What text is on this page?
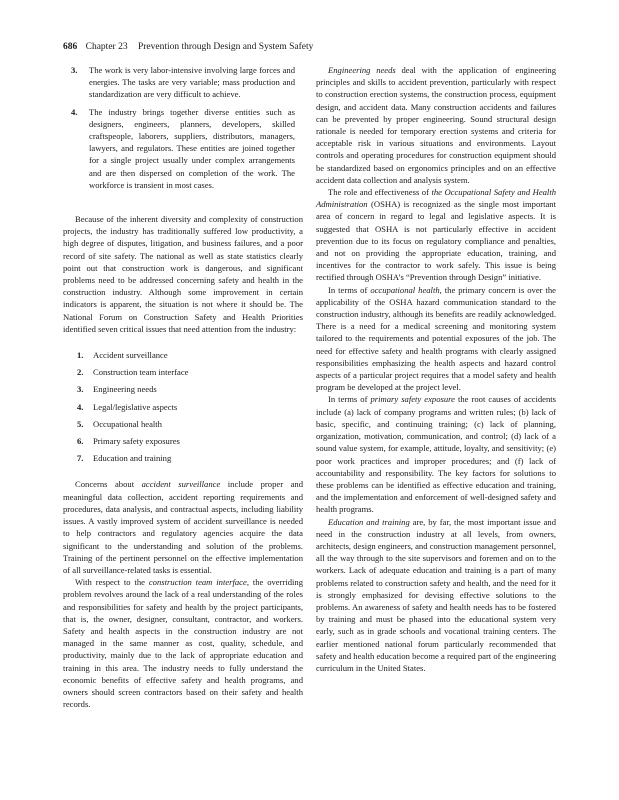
686 Chapter 23 Prevention through Design and System Safety
3. The work is very labor-intensive involving large forces and energies. The tasks are very variable; mass production and standardization are very difficult to achieve.
4. The industry brings together diverse entities such as designers, engineers, planners, developers, skilled craftspeople, laborers, suppliers, distributors, managers, lawyers, and regulators. These entities are joined together for a single project usually under complex arrangements and are then dispersed on completion of the work. The workforce is transient in most cases.

Because of the inherent diversity and complexity of construction projects, the industry has traditionally suffered low productivity, a high degree of disputes, litigation, and business failures, and a poor record of site safety. The national as well as state statistics clearly point out that construction work is dangerous, and significant problems need to be addressed concerning safety and health in the construction industry. Although some improvement in certain indicators is apparent, the situation is not where it should be. The National Forum on Construction Safety and Health Priorities identified seven critical issues that need attention from the industry:

1. Accident surveillance
2. Construction team interface
3. Engineering needs
4. Legal/legislative aspects
5. Occupational health
6. Primary safety exposures
7. Education and training

Concerns about accident surveillance include proper and meaningful data collection, accident reporting requirements and procedures, data analysis, and contractual aspects, including liability issues. A vastly improved system of accident surveillance is needed to help contractors and regulatory agencies acquire the data significant to the understanding and solution of the problems. Training of the pertinent personnel on the effective implementation of all surveillance-related tasks is essential.

With respect to the construction team interface, the overriding problem revolves around the lack of a real understanding of the roles and responsibilities for safety and health by the project participants, that is, the owner, designer, consultant, contractor, and workers. Safety and health aspects in the construction industry are not managed in the same manner as cost, quality, schedule, and productivity, mainly due to the lack of appropriate education and training in this area. The industry needs to fully understand the economic benefits of effective safety and health programs, and owners should screen contractors based on their safety and health records.

Engineering needs deal with the application of engineering principles and skills to accident prevention, particularly with respect to construction erection systems, the construction process, equipment design, and accident data. Many construction accidents and failures can be prevented by proper engineering. Sound structural design rationale is needed for temporary erection systems and criteria for acceptable risk in various situations and environments. Layout controls and operating procedures for construction equipment should be standardized based on ergonomics principles and on an effective accident data collection and analysis system.

The role and effectiveness of the Occupational Safety and Health Administration (OSHA) is recognized as the single most important area of concern in regard to legal and legislative aspects. It is suggested that OSHA is not particularly effective in accident prevention due to its focus on regulatory compliance and penalties, and not on providing the appropriate education, training, and incentives for the contractor to work safely. This issue is being rectified through OSHA’s “Prevention through Design” initiative.

In terms of occupational health, the primary concern is over the applicability of the OSHA hazard communication standard to the construction industry, although its benefits are readily acknowledged. There is a need for a medical screening and monitoring system tailored to the requirements and potential exposures of the job. The need for effective safety and health programs with clearly assigned responsibilities emphasizing the health aspects and hazard control aspects of a particular project requires that a model safety and health program be developed at the project level.

In terms of primary safety exposure the root causes of accidents include (a) lack of company programs and written rules; (b) lack of basic, specific, and continuing training; (c) lack of planning, organization, motivation, communication, and control; (d) lack of a sound value system, for example, attitude, loyalty, and sensitivity; (e) poor work practices and improper procedures; and (f) lack of accountability and responsibility. The key factors for solutions to these problems can be identified as effective education and training, and the implementation and enforcement of well-designed safety and health programs.

Education and training are, by far, the most important issue and need in the construction industry at all levels, from owners, architects, design engineers, and construction management personnel, all the way through to the site supervisors and foremen and on to the workers. Lack of adequate education and training is a part of many problems related to construction safety and health, and the need for it is strongly emphasized for devising effective solutions to the problems. An awareness of safety and health needs has to be fostered by training and must be phased into the educational system very early, such as in grade schools and vocational training centers. The earlier mentioned national forum particularly recommended that safety and health education become a required part of the engineering curriculum in the United States.
